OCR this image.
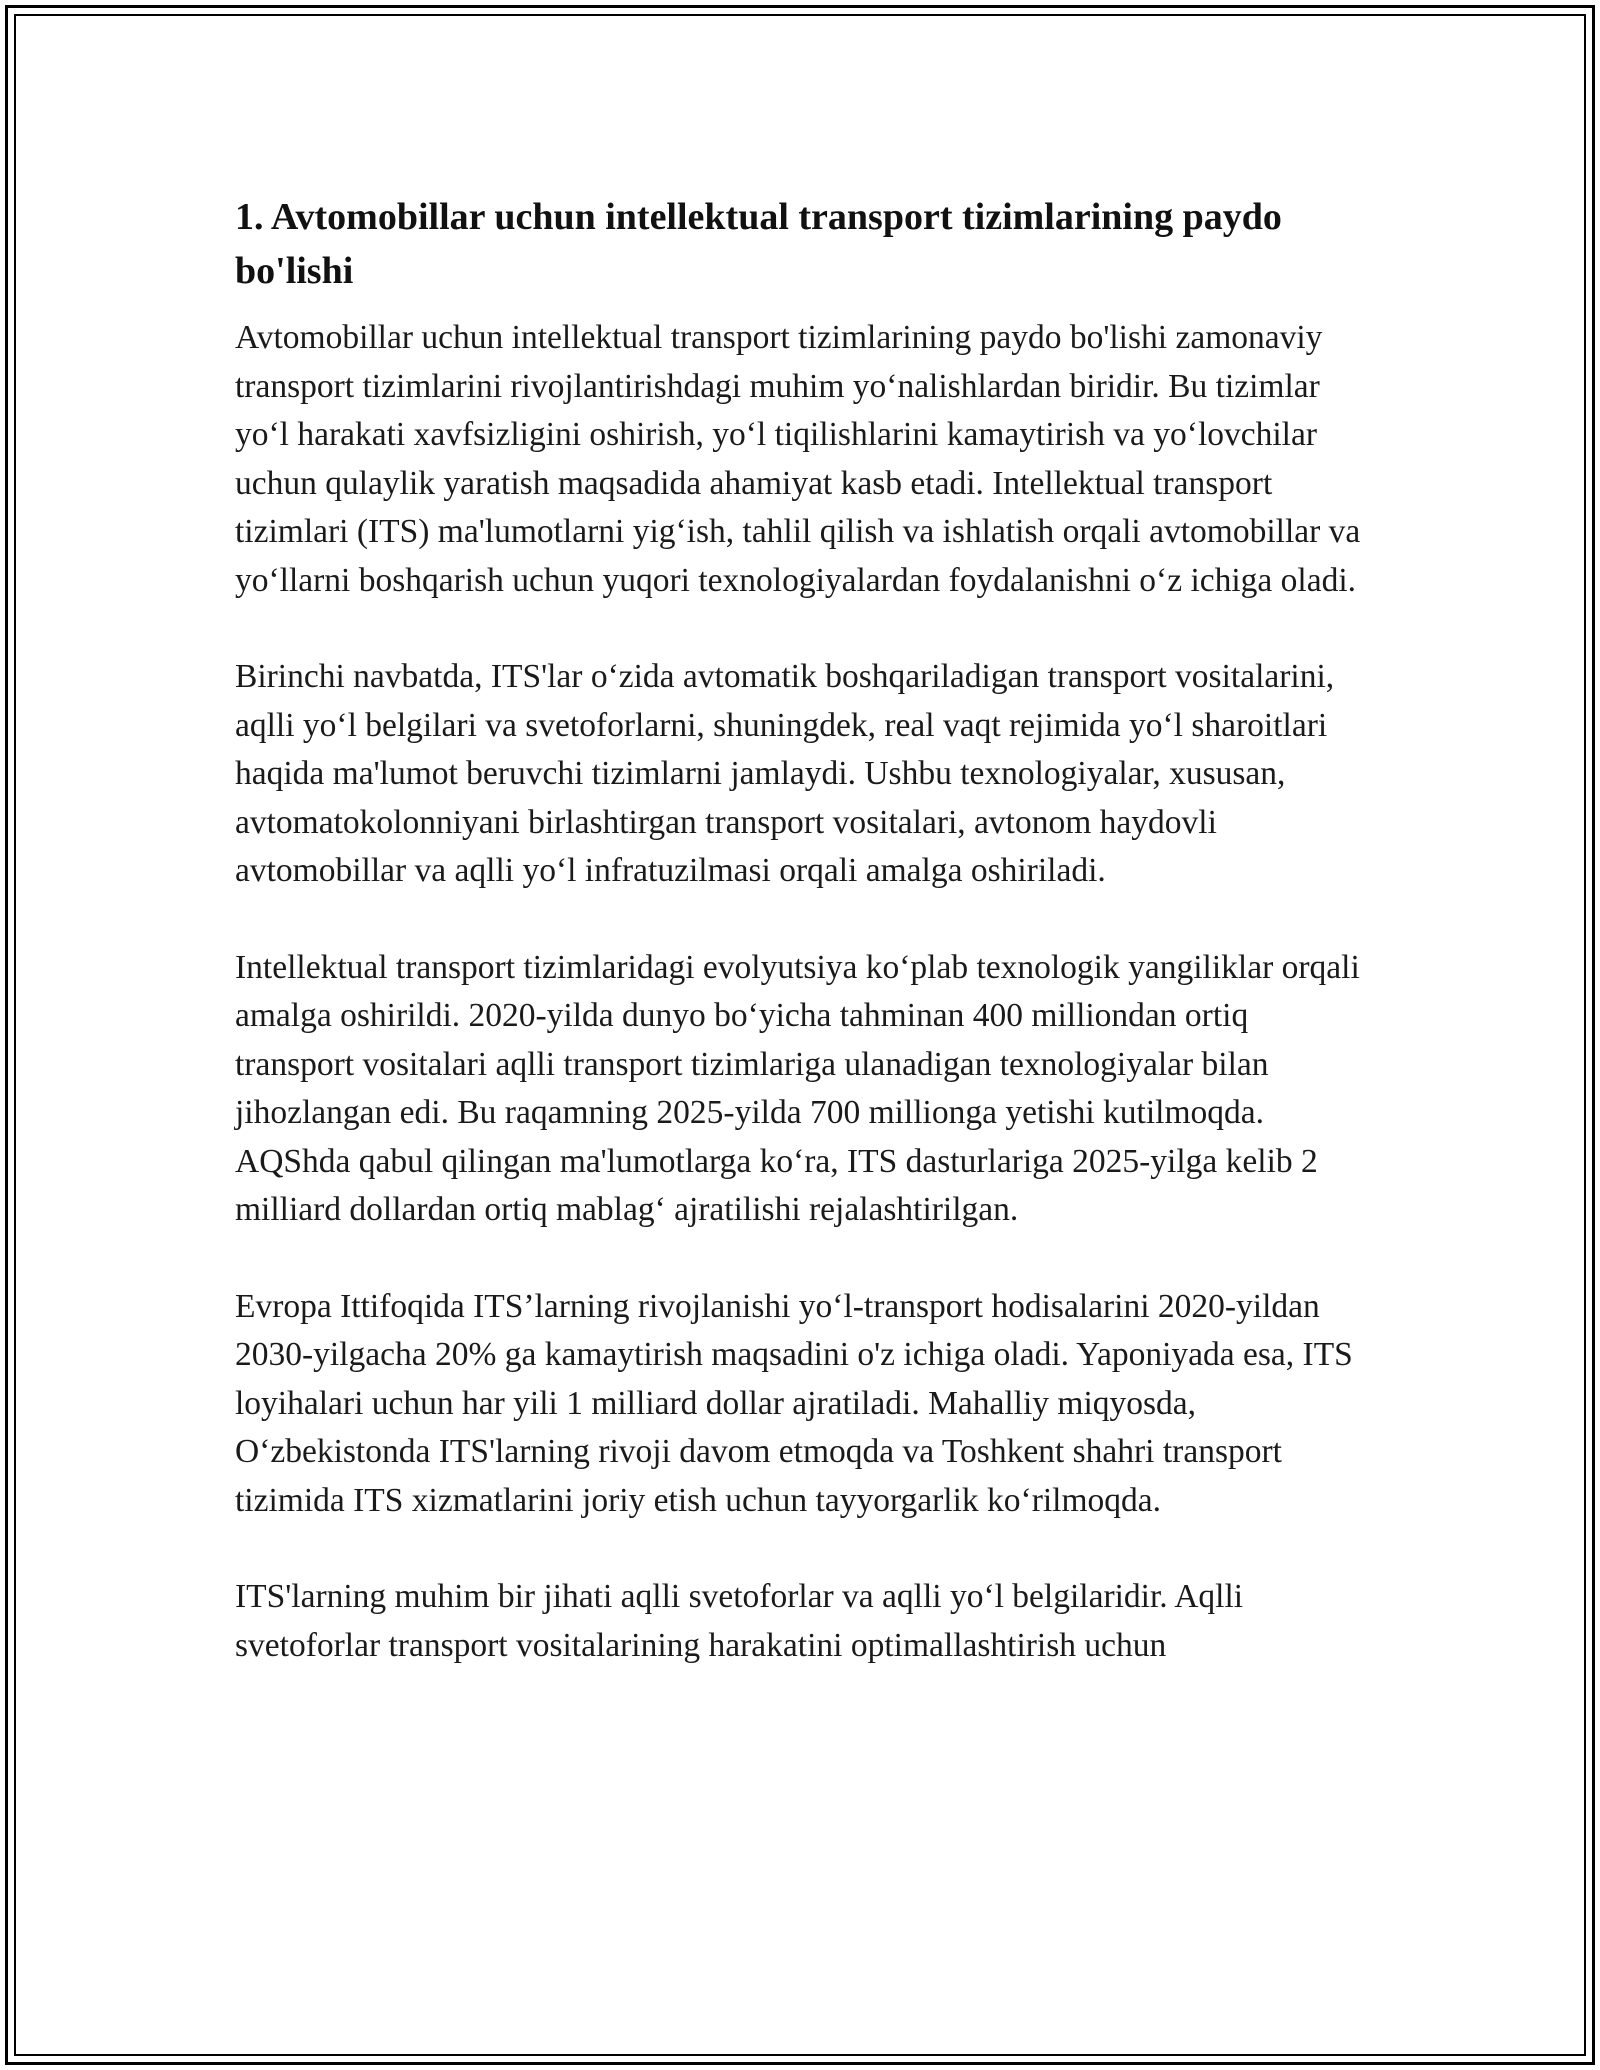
1. Avtomobillar uchun intellektual transport tizimlarining paydo bo'lishi

Avtomobillar uchun intellektual transport tizimlarining paydo bo'lishi zamonaviy transport tizimlarini rivojlantirishdagi muhim yo‘nalishlardan biridir. Bu tizimlar yo‘l harakati xavfsizligini oshirish, yo‘l tiqilishlarini kamaytirish va yo‘lovchilar uchun qulaylik yaratish maqsadida ahamiyat kasb etadi. Intellektual transport tizimlari (ITS) ma'lumotlarni yig‘ish, tahlil qilish va ishlatish orqali avtomobillar va yo‘llarni boshqarish uchun yuqori texnologiyalardan foydalanishni o‘z ichiga oladi.

Birinchi navbatda, ITS'lar o‘zida avtomatik boshqariladigan transport vositalarini, aqlli yo‘l belgilari va svetoforlarni, shuningdek, real vaqt rejimida yo‘l sharoitlari haqida ma'lumot beruvchi tizimlarni jamlaydi. Ushbu texnologiyalar, xususan, avtomatokolonniyani birlashtirgan transport vositalari, avtonom haydovli avtomobillar va aqlli yo‘l infratuzilmasi orqali amalga oshiriladi.

Intellektual transport tizimlaridagi evolyutsiya ko‘plab texnologik yangiliklar orqali amalga oshirildi. 2020-yilda dunyo bo‘yicha tahminan 400 milliondan ortiq transport vositalari aqlli transport tizimlariga ulanadigan texnologiyalar bilan jihozlangan edi. Bu raqamning 2025-yilda 700 millionga yetishi kutilmoqda. AQShda qabul qilingan ma'lumotlarga ko‘ra, ITS dasturlariga 2025-yilga kelib 2 milliard dollardan ortiq mablag‘ ajratilishi rejalashtirilgan.

Evropa Ittifoqida ITS’larning rivojlanishi yo‘l-transport hodisalarini 2020-yildan 2030-yilgacha 20% ga kamaytirish maqsadini o'z ichiga oladi. Yaponiyada esa, ITS loyihalari uchun har yili 1 milliard dollar ajratiladi. Mahalliy miqyosda, O‘zbekistonda ITS'larning rivoji davom etmoqda va Toshkent shahri transport tizimida ITS xizmatlarini joriy etish uchun tayyorgarlik ko‘rilmoqda.

ITS'larning muhim bir jihati aqlli svetoforlar va aqlli yo‘l belgilaridir. Aqlli svetoforlar transport vositalarining harakatini optimallashtirish uchun
